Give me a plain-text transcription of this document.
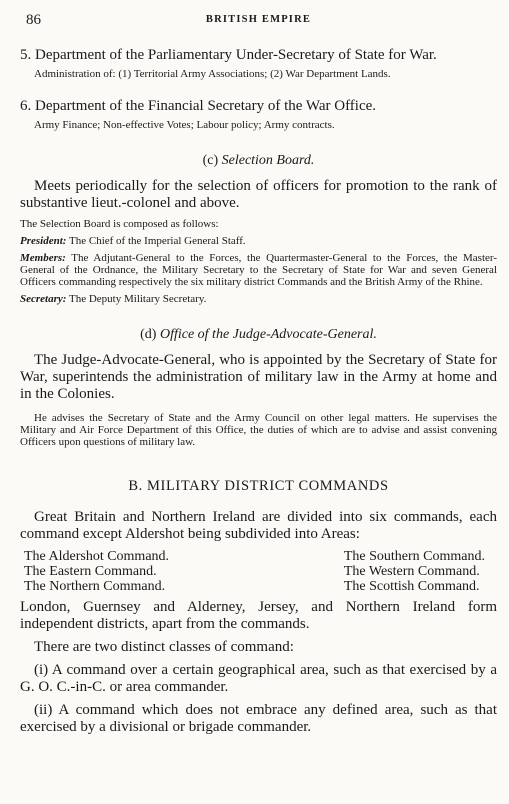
86	BRITISH EMPIRE

5. Department of the Parliamentary Under-Secretary of State for War.

Administration of: (1) Territorial Army Associations; (2) War Department Lands.

6. Department of the Financial Secretary of the War Office.

Army Finance; Non-effective Votes; Labour policy; Army contracts.

(c) Selection Board.

Meets periodically for the selection of officers for promotion to the rank of substantive lieut.-colonel and above.

The Selection Board is composed as follows:

President: The Chief of the Imperial General Staff.

Members: The Adjutant-General to the Forces, the Quartermaster-General to the Forces, the Master-General of the Ordnance, the Military Secretary to the Secretary of State for War and seven General Officers commanding respectively the six military district Commands and the British Army of the Rhine.

Secretary: The Deputy Military Secretary.

(d) Office of the Judge-Advocate-General.

The Judge-Advocate-General, who is appointed by the Secretary of State for War, superintends the administration of military law in the Army at home and in the Colonies.

He advises the Secretary of State and the Army Council on other legal matters. He supervises the Military and Air Force Department of this Office, the duties of which are to advise and assist convening Officers upon questions of military law.

B. MILITARY DISTRICT COMMANDS

Great Britain and Northern Ireland are divided into six commands, each command except Aldershot being subdivided into Areas:

The Aldershot Command.
The Eastern Command.
The Northern Command.
The Southern Command.
The Western Command.
The Scottish Command.

London, Guernsey and Alderney, Jersey, and Northern Ireland form independent districts, apart from the commands.

There are two distinct classes of command:

(i) A command over a certain geographical area, such as that exercised by a G. O. C.-in-C. or area commander.

(ii) A command which does not embrace any defined area, such as that exercised by a divisional or brigade commander.
